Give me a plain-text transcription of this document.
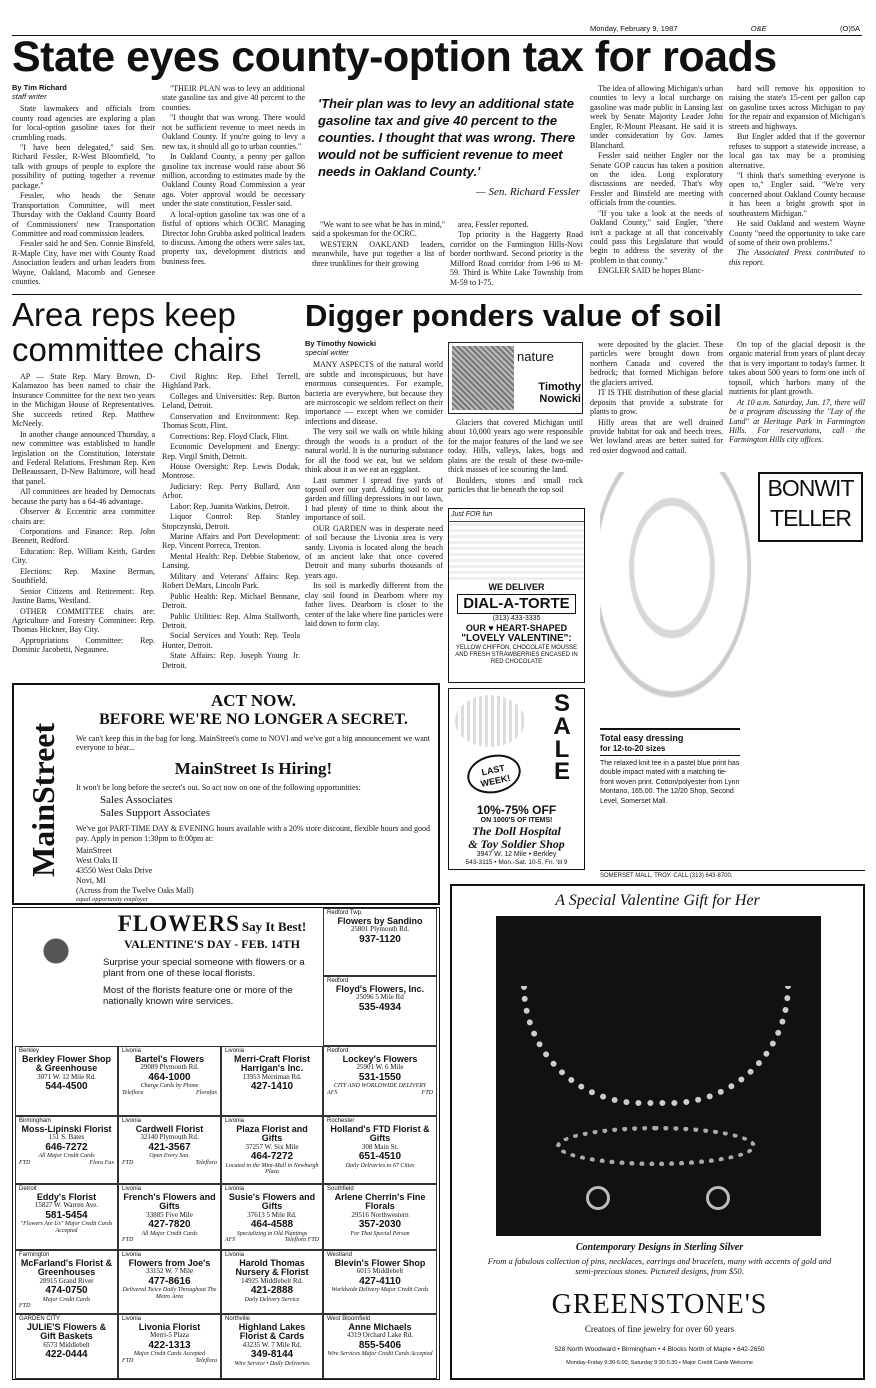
Monday, February 9, 1987	O&E	(O)5A
State eyes county-option tax for roads
By Tim Richard
staff writer

State lawmakers and officials from county road agencies are exploring a plan for local-option gasoline taxes for their crumbling roads.

"I have been delegated," said Sen. Richard Fessler, R-West Bloomfield, "to talk with groups of people to explore the possibility of putting together a revenue package."

Fessler, who heads the Senate Transportation Committee, will meet Thursday with the Oakland County Board of Commissioners' new Transportation Committee and road commission leaders.

Fessler said he and Sen. Connie Binsfeld, R-Maple City, have met with County Road Association leaders and urban leaders from Wayne, Oakland, Macomb and Genesee counties.

"THEIR PLAN was to levy an additional state gasoline tax and give 40 percent to the counties.

"I thought that was wrong. There would not be sufficient revenue to meet needs in Oakland County. If you're going to levy a new tax, it should all go to urban counties."

In Oakland County, a penny per gallon gasoline tax increase would raise about $6 million, according to estimates made by the Oakland County Road Commission a year ago. Voter approval would be necessary under the state constitution, Fessler said.

A local-option gasoline tax was one of a fistful of options which OCRC Managing Director John Grubba asked political leaders to discuss. Among the others were sales tax, property tax, development districts and business fees.

'Their plan was to levy an additional state gasoline tax and give 40 percent to the counties. I thought that was wrong. There would not be sufficient revenue to meet needs in Oakland County.'
— Sen. Richard Fessler

"We want to see what he has in mind," said a spokesman for the OCRC.

WESTERN OAKLAND leaders, meanwhile, have put together a list of three trunklines for their growing

area, Fessler reported.

Top priority is the Haggerty Road corridor on the Farmington Hills-Novi border northward. Second priority is the Milford Road corridor from I-96 to M-59. Third is White Lake Township from M-59 to I-75.

The idea of allowing Michigan's urban counties to levy a local surcharge on gasoline was made public in Lansing last week by Senate Majority Leader John Engler, R-Mount Pleasant. He said it is under consideration by Gov. James Blanchard.

Fessler said neither Engler nor the Senate GOP caucus has taken a position on the idea. Long exploratory discussions are needed. That's why Fessler and Binsfeld are meeting with officials from the counties.

"If you take a look at the needs of Oakland County," said Engler, "there isn't a package at all that conceivably could pass this Legislature that would begin to address the severity of the problem in that county."

ENGLER SAID he hopes Blanc-

hard will remove his opposition to raising the state's 15-cent per gallon cap on gasoline taxes across Michigan to pay for the repair and expansion of Michigan's streets and highways.

But Engler added that if the governor refuses to support a statewide increase, a local gas tax may be a promising alternative.

"I think that's something everyone is open to," Engler said. "We're very concerned about Oakland County because it has been a bright growth spot in southeastern Michigan."

He said Oakland and western Wayne County "need the opportunity to take care of some of their own problems."

The Associated Press contributed to this report.

Area reps keep committee chairs

AP — State Rep. Mary Brown, D-Kalamazoo has been named to chair the Insurance Committee for the next two years in the Michigan House of Representatives. She succeeds retired Rep. Matthew McNeely.

In another change announced Thursday, a new committee was established to handle legislation on the Constitution, Interstate and Federal Relations. Freshman Rep. Ken DeBeaussaert, D-New Baltimore, will head that panel.

All committees are headed by Democrats because the party has a 64-46 advantage.

Observer & Eccentric area committee chairs are:

Corporations and Finance: Rep. John Bennett, Redford.

Education: Rep. William Keith, Garden City.

Elections: Rep. Maxine Berman, Southfield.

Senior Citizens and Retirement: Rep. Justine Barns, Westland.

OTHER COMMITTEE chairs are: Agriculture and Forestry Committee: Rep. Thomas Hickner, Bay City.

Appropriations Committee: Rep. Dominic Jacobetti, Negaunee.

Civil Rights: Rep. Ethel Terrell, Highland Park.

Colleges and Universities: Rep. Burton Leland, Detroit.

Conservation and Environment: Rep. Thomas Scott, Flint.

Corrections: Rep. Floyd Clack, Flint.

Economic Development and Energy: Rep. Virgil Smith, Detroit.

House Oversight: Rep. Lewis Dodak, Montrose.

Judiciary: Rep. Perry Bullard, Ann Arbor.

Labor: Rep. Juanita Watkins, Detroit.

Liquor Control: Rep. Stanley Stopczynski, Detroit.

Marine Affairs and Port Development: Rep. Vincent Porreca, Trenton.

Mental Health: Rep. Debbie Stabenow, Lansing.

Military and Veterans' Affairs: Rep. Robert DeMars, Lincoln Park.

Public Health: Rep. Michael Bennane, Detroit.

Public Utilities: Rep. Alma Stallworth, Detroit.

Social Services and Youth: Rep. Teola Hunter, Detroit.

State Affairs: Rep. Joseph Young Jr. Detroit.

Digger ponders value of soil
By Timothy Nowicki
special writer

MANY ASPECTS of the natural world are subtle and inconspicuous, but have enormous consequences. For example, bacteria are everywhere, but because they are microscopic we seldom reflect on their importance — except when we consider infections and disease.

The very soil we walk on while hiking through the woods is a product of the natural world. It is the nurturing substance for all the food we eat, but we seldom think about it as we eat an eggplant.

Last summer I spread five yards of topsoil over our yard. Adding soil to our garden and filling depressions in our lawn, I had plenty of time to think about the importance of soil.

OUR GARDEN was in desperate need of soil because the Livonia area is very sandy. Livonia is located along the beach of an ancient lake that once covered Detroit and many suburbs thousands of years ago.

Its soil is markedly different from the clay soil found in Dearborn where my father lives. Dearborn is closer to the center of the lake where fine particles were laid down to form clay.

nature
Timothy Nowicki

Glaciers that covered Michigan until about 10,000 years ago were responsible for the major features of the land we see today. Hills, valleys, lakes, bogs and plains are the result of these two-mile-thick masses of ice scouring the land.

Boulders, stones and small rock particles that lie beneath the top soil

were deposited by the glacier. These particles were brought down from northern Canada and covered the bedrock; that formed Michigan before the glaciers arrived.

IT IS THE distribution of these glacial deposits that provide a substrate for plants to grow.

Hilly areas that are well drained provide habitat for oak and beech trees. Wet lowland areas are better suited for red osier dogwood and cattail.

On top of the glacial deposit is the organic material from years of plant decay that is very important to today's farmer. It takes about 500 years to form one inch of topsoil, which harbors many of the nutrients for plant growth.

At 10 a.m. Saturday, Jan. 17, there will be a program discussing the "Lay of the Land" at Heritage Park in Farmington Hills. For reservations, call the Farmington Hills city offices.

Just FOR fun
WE DELIVER
DIAL-A-TORTE
(313) 433-3335
OUR ♥ HEART-SHAPED
"LOVELY VALENTINE":
YELLOW CHIFFON, CHOCOLATE MOUSSE AND FRESH STRAWBERRIES ENCASED IN RED CHOCOLATE
LAST WEEK!
SALE
10%-75% OFF
ON 1000'S OF ITEMS!
The Doll Hospital
& Toy Soldier Shop
3947 W. 12 Mile • Berkley
543-3115 • Mon.-Sat. 10-5, Fri. 'til 9
BONWIT
TELLER
Total easy dressing
for 12-to-20 sizes
The relaxed knit tee in a pastel blue print has double impact mated with a matching tie-front woven print. Cotton/polyester from Lynn Montano, 165.00. The 12/20 Shop, Second Level, Somerset Mall.
SOMERSET MALL, TROY. CALL (313) 643-8700.
MainStreet
ACT NOW.
BEFORE WE'RE NO LONGER A SECRET.
We can't keep this in the bag for long. MainStreet's come to NOVI and we've got a big announcement we want everyone to hear...
MainStreet Is Hiring!
It won't be long before the secret's out. So act now on one of the following opportunities:
Sales Associates
Sales Support Associates
We've got PART-TIME DAY & EVENING hours available with a 20% store discount, flexible hours and good pay. Apply in person 1:30pm to 8:00pm at:
MainStreet
West Oaks II
43550 West Oaks Drive
Novi, MI
(Across from the Twelve Oaks Mall)
equal opportunity employer
FLOWERS Say It Best!
VALENTINE'S DAY - FEB. 14TH
Surprise your special someone with flowers or a plant from one of these local florists.
Most of the florists feature one or more of the nationally known wire services.
Redford Twp.
Flowers by Sandino
25801 Plymouth Rd.
937-1120
Redford
Floyd's Flowers, Inc.
25096 5 Mile Rd
535-4934
Berkley
Berkley Flower Shop & Greenhouse
3071 W. 12 Mile Rd.
544-4500
Livonia
Bartel's Flowers
29089 Plymouth Rd.
464-1000
Charge Cards by Phone
Teleflora	Florafax
Livonia
Merri-Craft Florist Harrigan's Inc.
13953 Merriman Rd.
427-1410
Redford
Lockey's Flowers
25901 W. 6 Mile
531-1550
CITY AND WORLDWIDE DELIVERY
AFS	FTD
Birmingham
Moss-Lipinski Florist
151 S. Bates
646-7272
All Major Credit Cards
FTD	Flora Fax
Livonia
Cardwell Florist
32140 Plymouth Rd.
421-3567
Open Every Sun.
FTD	Teleflora
Livonia
Plaza Florist and Gifts
37257 W. Six Mile
464-7272
Located in the Mini-Mall in Newburgh Plaza
Rochester
Holland's FTD Florist & Gifts
308 Main St.
651-4510
Daily Deliveries to 67 Cities
Detroit
Eddy's Florist
15827 W. Warren Ave.
581-5454
"Flowers Are Us" Major Credit Cards Accepted
Livonia
French's Flowers and Gifts
33885 Five Mile
427-7820
All Major Credit Cards
FTD
Livonia
Susie's Flowers and Gifts
37613 5 Mile Rd.
464-4588
Specializing in Old Plantings
AFS	Teleflora FTD
Southfield
Arlene Cherrin's Fine Florals
29516 Northwestern
357-2030
For That Special Person
Farmington
McFarland's Florist & Greenhouses
28915 Grand River
474-0750
Major Credit Cards
FTD
Livonia
Flowers from Joe's
33152 W. 7 Mile
477-8616
Delivered Twice Daily Throughout The Metro Area
Livonia
Harold Thomas Nursery & Florist
14925 Middlebelt Rd.
421-2888
Daily Delivery Service
Westland
Blevin's Flower Shop
6015 Middlebelt
427-4110
Worldwide Delivery Major Credit Cards
GARDEN CITY
JULIE'S Flowers & Gift Baskets
6573 Middlebelt
422-0444
Livonia
Livonia Florist
Merri-5 Plaza
422-1313
Major Credit Cards Accepted
FTD	Teleflora
Northville
Highland Lakes Florist & Cards
43235 W. 7 Mile Rd.
349-8144
Wire Service • Daily Deliveries
West Bloomfield
Anne Michaels
4319 Orchard Lake Rd.
855-5406
Wire Services Major Credit Cards Accepted
A Special Valentine Gift for Her
Contemporary Designs in Sterling Silver
From a fabulous collection of pins, necklaces, earrings and bracelets, many with accents of gold and semi-precious stones. Pictured designs, from $50.
GREENSTONE'S
Creators of fine jewelry for over 60 years
528 North Woodward • Birmingham • 4 Blocks North of Maple • 642-2650
Monday-Friday 9:30-6:00, Saturday 9:30-5:30 • Major Credit Cards Welcome
